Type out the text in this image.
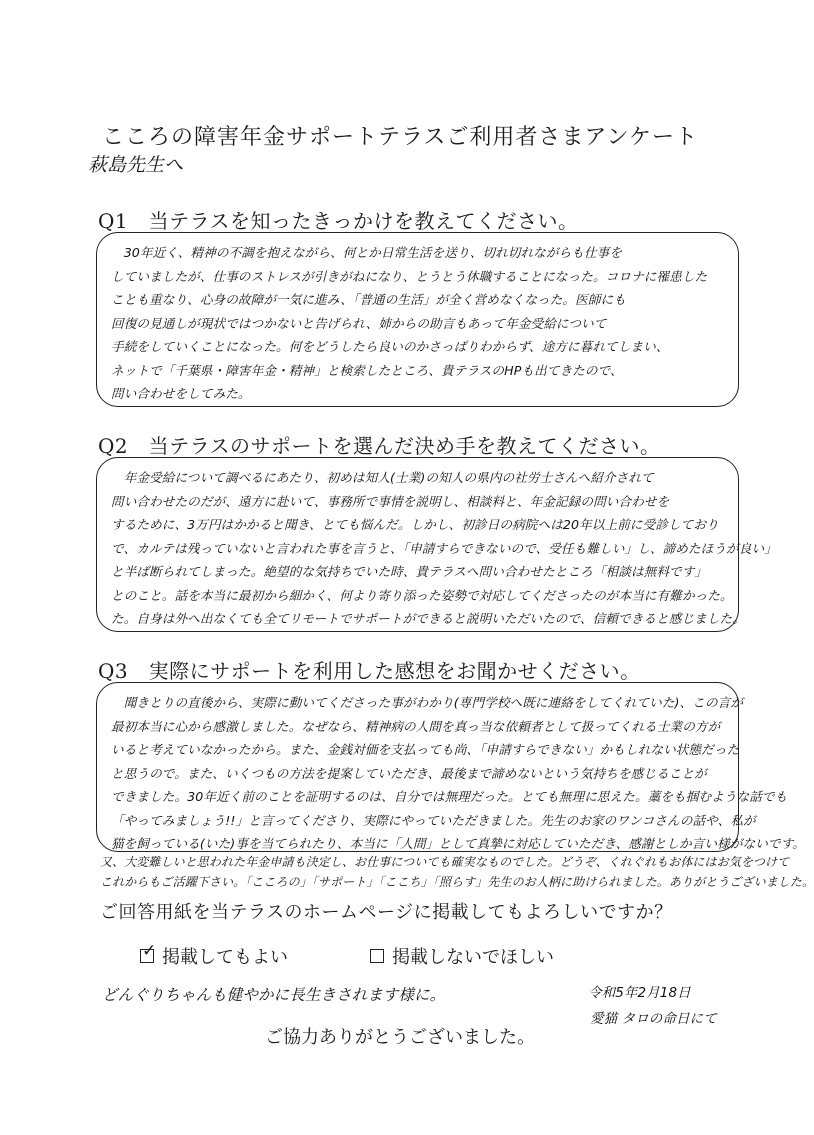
こころの障害年金サポートテラスご利用者さまアンケート
萩島先生へ
Q1　当テラスを知ったきっかけを教えてください。
　30年近く、精神の不調を抱えながら、何とか日常生活を送り、切れ切れながらも仕事を
していましたが、仕事のストレスが引きがねになり、とうとう休職することになった。コロナに罹患した
ことも重なり、心身の故障が一気に進み、「普通の生活」が全く営めなくなった。医師にも
回復の見通しが現状ではつかないと告げられ、姉からの助言もあって年金受給について
手続をしていくことになった。何をどうしたら良いのかさっぱりわからず、途方に暮れてしまい、
ネットで「千葉県・障害年金・精神」と検索したところ、貴テラスのHPも出てきたので、
問い合わせをしてみた。
Q2　当テラスのサポートを選んだ決め手を教えてください。
　年金受給について調べるにあたり、初めは知人(士業)の知人の県内の社労士さんへ紹介されて
問い合わせたのだが、遠方に赴いて、事務所で事情を説明し、相談料と、年金記録の問い合わせを
するために、3万円はかかると聞き、とても悩んだ。しかし、初診日の病院へは20年以上前に受診しており
で、カルテは残っていないと言われた事を言うと、「申請すらできないので、受任も難しい」し、諦めたほうが良い」
と半ば断られてしまった。絶望的な気持ちでいた時、貴テラスへ問い合わせたところ「相談は無料です」
とのこと。話を本当に最初から細かく、何より寄り添った姿勢で対応してくださったのが本当に有難かった。
た。自身は外へ出なくても全てリモートでサポートができると説明いただいたので、信頼できると感じました。
Q3　実際にサポートを利用した感想をお聞かせください。
　聞きとりの直後から、実際に動いてくださった事がわかり(専門学校へ既に連絡をしてくれていた)、この言が
最初本当に心から感激しました。なぜなら、精神病の人間を真っ当な依頼者として扱ってくれる士業の方が
いると考えていなかったから。また、金銭対価を支払っても尚、「申請すらできない」かもしれない状態だった
と思うので。また、いくつもの方法を提案していただき、最後まで諦めないという気持ちを感じることが
できました。30年近く前のことを証明するのは、自分では無理だった。とても無理に思えた。藁をも掴むような話でも
「やってみましょう!!」と言ってくださり、実際にやっていただきました。先生のお家のワンコさんの話や、私が
猫を飼っている(いた)事を当てられたり、本当に「人間」として真摯に対応していただき、感謝としか言い様がないです。
又、大変難しいと思われた年金申請も決定し、お仕事についても確実なものでした。どうぞ、くれぐれもお体にはお気をつけて
これからもご活躍下さい。「こころの」「サポート」「ここち」「照らす」先生のお人柄に助けられました。ありがとうございました。
ご回答用紙を当テラスのホームページに掲載してもよろしいですか？
✓ 掲載してもよい	掲載しないでほしい
どんぐりちゃんも健やかに長生きされます様に。	令和5年2月18日
愛猫 タロの命日にて
ご協力ありがとうございました。
